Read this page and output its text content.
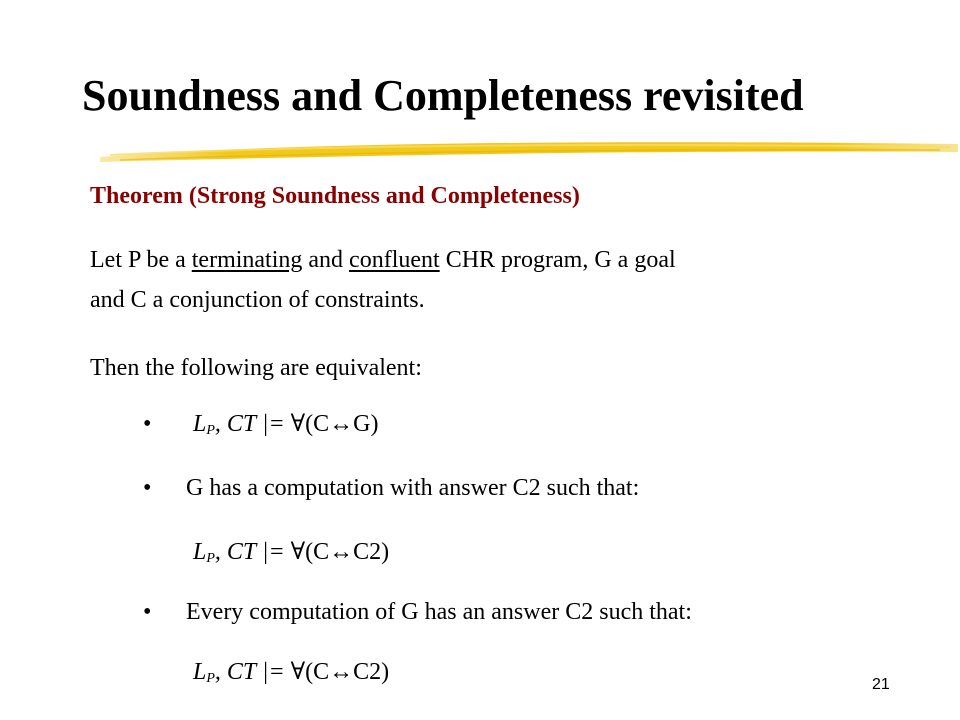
Soundness and Completeness revisited
Theorem (Strong Soundness and Completeness)
Let P be a terminating and confluent CHR program, G a goal
and C a conjunction of constraints.
Then the following are equivalent:
• $L_P$, CT |= ∀(C↔G)
• G has a computation with answer C2 such that:
$L_P$, CT |= ∀(C↔C2)
• Every computation of G has an answer C2 such that:
$L_P$, CT |= ∀(C↔C2)	21
